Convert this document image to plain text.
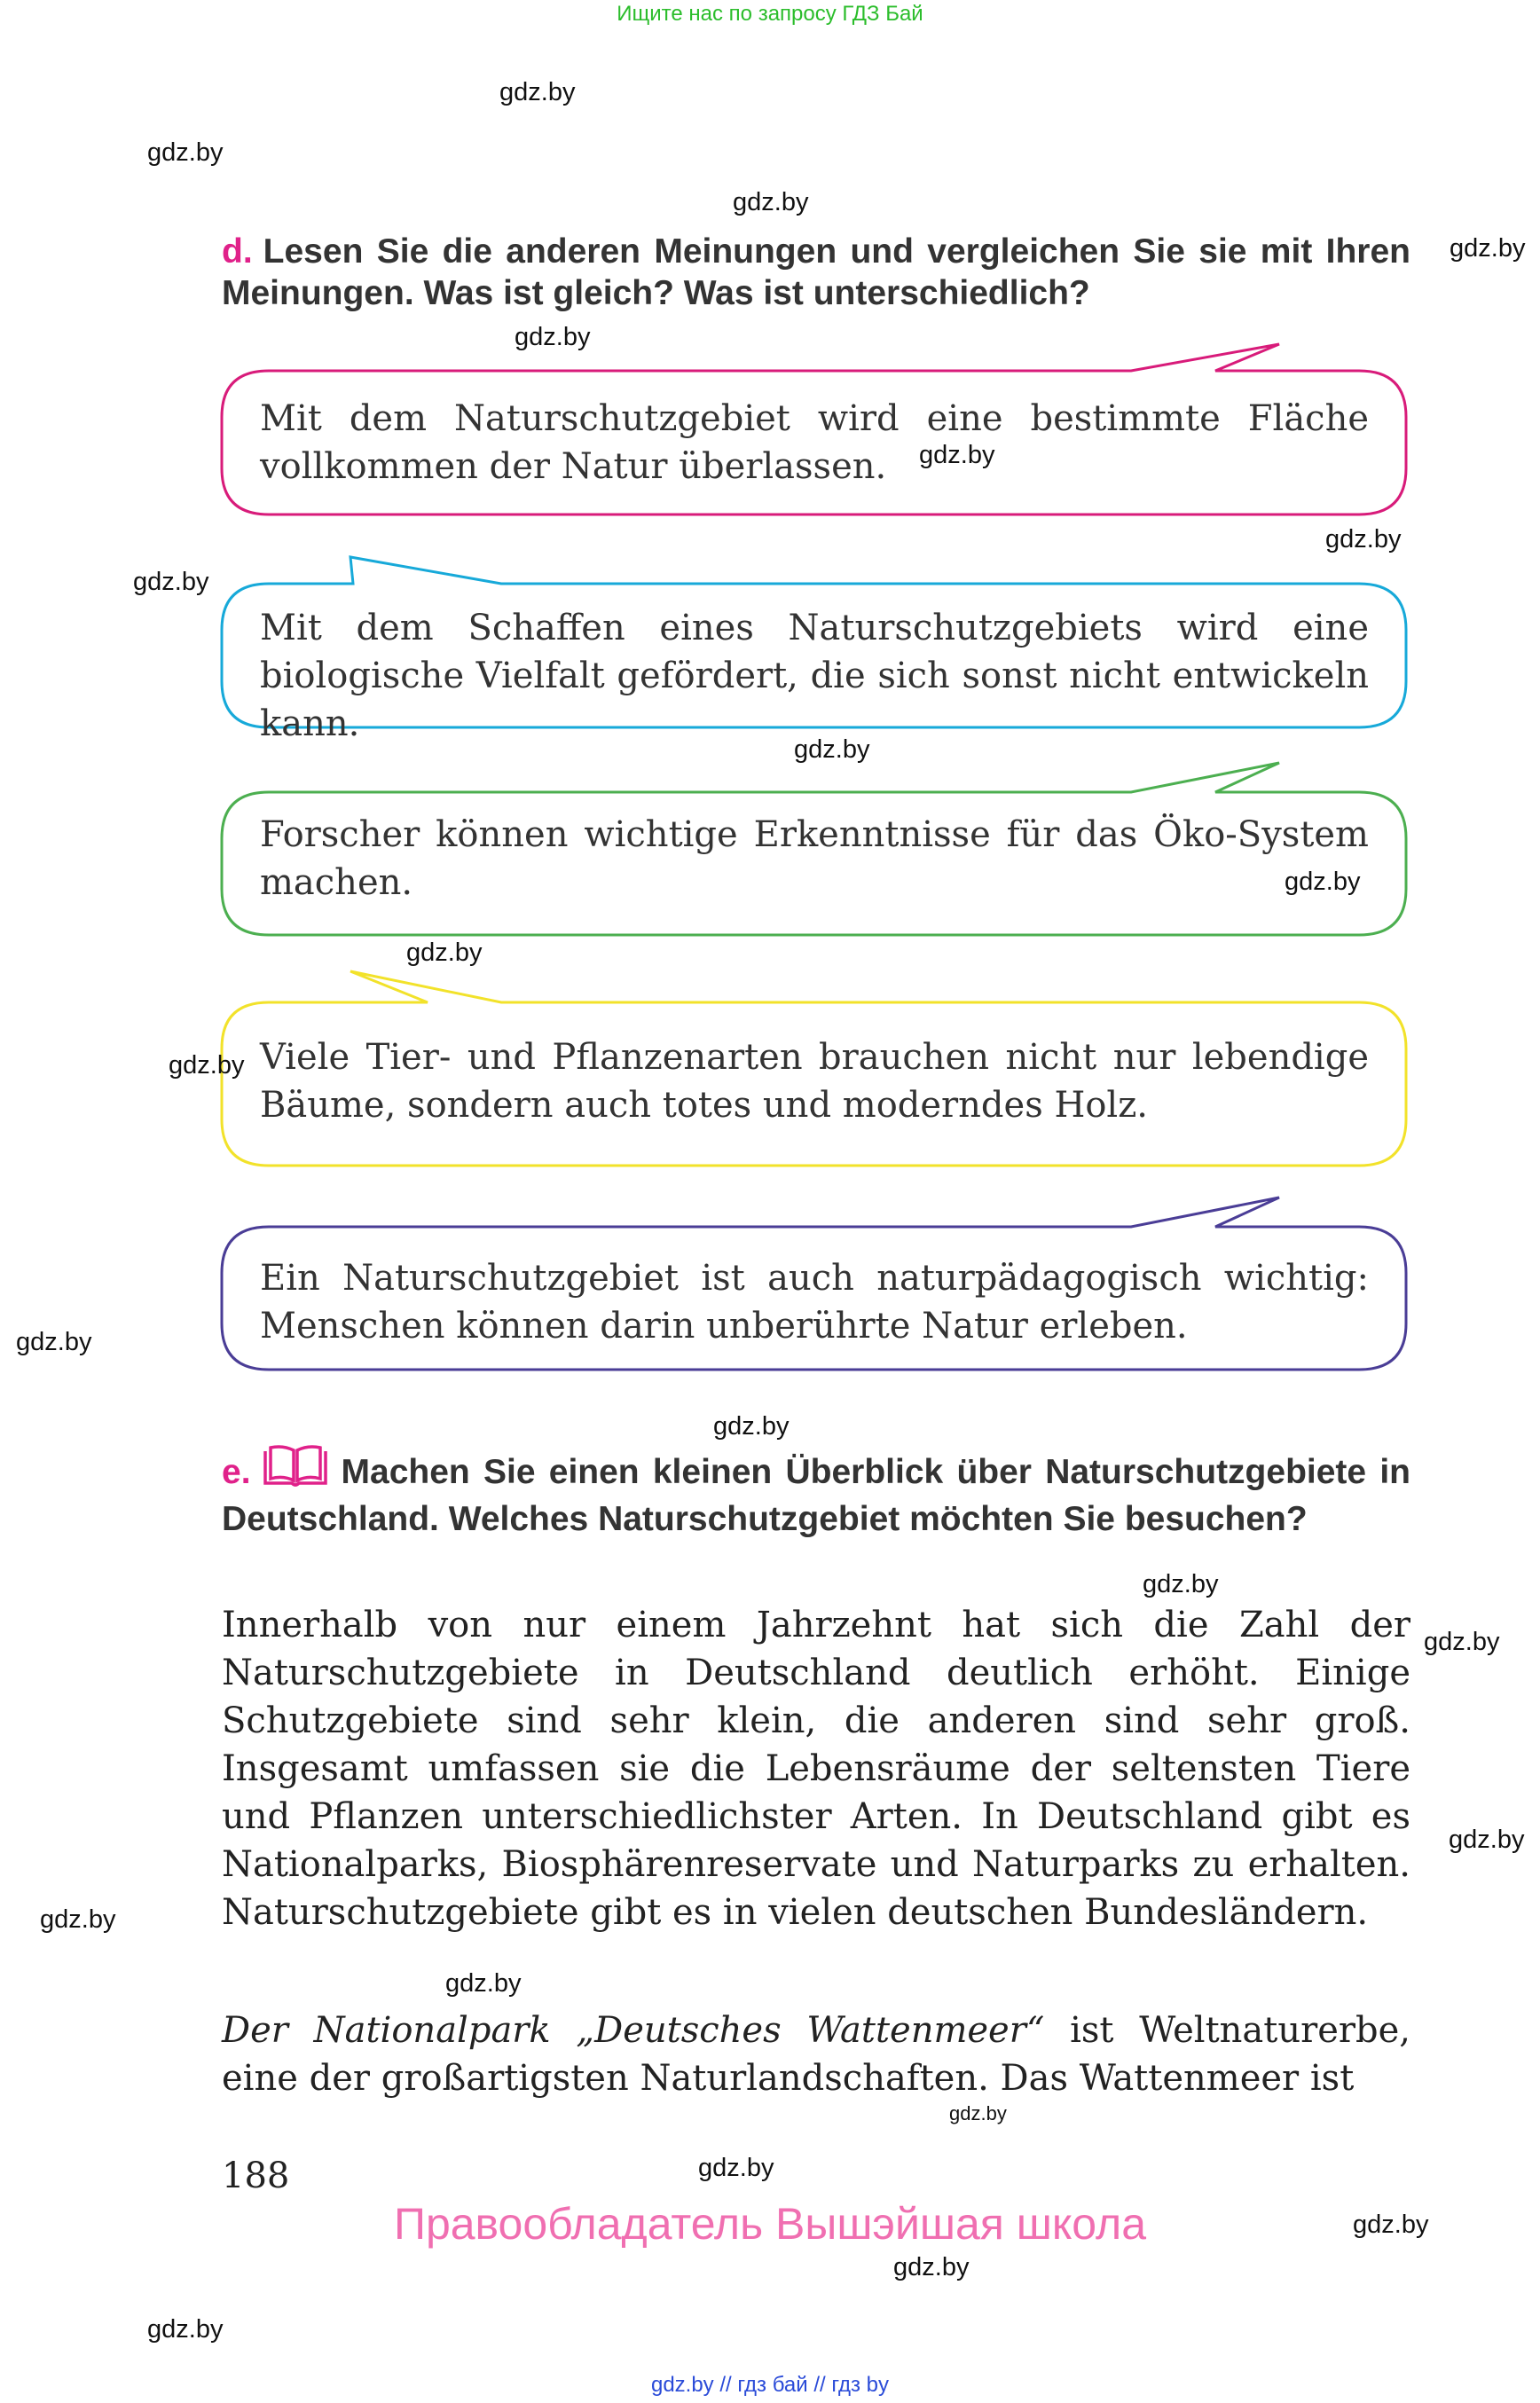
Ищите нас по запросу ГДЗ Бай
d. Lesen Sie die anderen Meinungen und vergleichen Sie sie mit Ihren Meinungen. Was ist gleich? Was ist unterschiedlich?
Mit dem Naturschutzgebiet wird eine bestimmte Fläche vollkommen der Natur überlassen.
Mit dem Schaffen eines Naturschutzgebiets wird eine biologische Vielfalt gefördert, die sich sonst nicht entwickeln kann.
Forscher können wichtige Erkenntnisse für das Öko-System machen.
Viele Tier- und Pflanzenarten brauchen nicht nur lebendige Bäume, sondern auch totes und moderndes Holz.
Ein Naturschutzgebiet ist auch naturpädagogisch wichtig: Menschen können darin unberührte Natur erleben.
e.	Machen Sie einen kleinen Überblick über Naturschutzgebiete in Deutschland. Welches Naturschutzgebiet möchten Sie besuchen?
Innerhalb von nur einem Jahrzehnt hat sich die Zahl der Naturschutzgebiete in Deutschland deutlich erhöht. Einige Schutzgebiete sind sehr klein, die anderen sind sehr groß. Insgesamt umfassen sie die Lebensräume der seltensten Tiere und Pflanzen unterschiedlichster Arten. In Deutschland gibt es Nationalparks, Biosphärenreservate und Naturparks zu erhalten. Naturschutzgebiete gibt es in vielen deutschen Bundesländern.
Der Nationalpark „Deutsches Wattenmeer“ ist Weltnaturerbe, eine der großartigsten Naturlandschaften. Das Wattenmeer ist
188
Правообладатель Вышэйшая школа
gdz.by
gdz.by
gdz.by
gdz.by
gdz.by
gdz.by
gdz.by
gdz.by
gdz.by
gdz.by
gdz.by
gdz.by
gdz.by
gdz.by
gdz.by
gdz.by
gdz.by
gdz.by
gdz.by
gdz.by
gdz.by
gdz.by
gdz.by
gdz.by
gdz.by // гдз бай // гдз by
